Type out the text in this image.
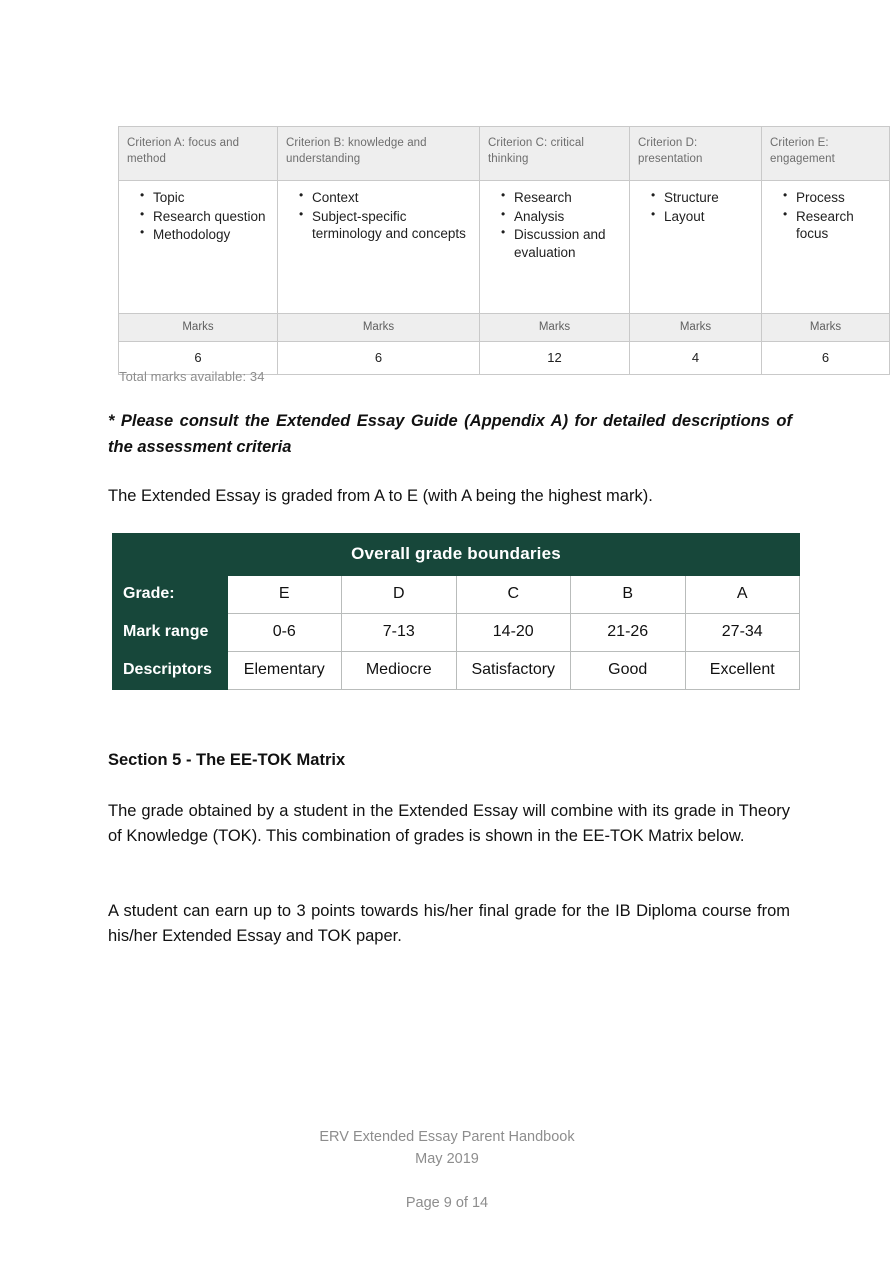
Criterion A: focus and method	Criterion B: knowledge and understanding	Criterion C: critical thinking	Criterion D: presentation	Criterion E: engagement

• Topic
• Research question
• Methodology

• Context
• Subject-specific terminology and concepts

• Research
• Analysis
• Discussion and evaluation

• Structure
• Layout

• Process
• Research focus

Marks	Marks	Marks	Marks	Marks
6	6	12	4	6
Total marks available: 34
* Please consult the Extended Essay Guide (Appendix A) for detailed descriptions of the assessment criteria
The Extended Essay is graded from A to E (with A being the highest mark).
Overall grade boundaries					
Grade:	E	D	C	B	A
Mark range	0-6	7-13	14-20	21-26	27-34
Descriptors	Elementary	Mediocre	Satisfactory	Good	Excellent
Section 5 - The EE-TOK Matrix
The grade obtained by a student in the Extended Essay will combine with its grade in Theory of Knowledge (TOK). This combination of grades is shown in the EE-TOK Matrix below.
A student can earn up to 3 points towards his/her final grade for the IB Diploma course from his/her Extended Essay and TOK paper.
ERV Extended Essay Parent Handbook
May 2019
Page 9 of 14
